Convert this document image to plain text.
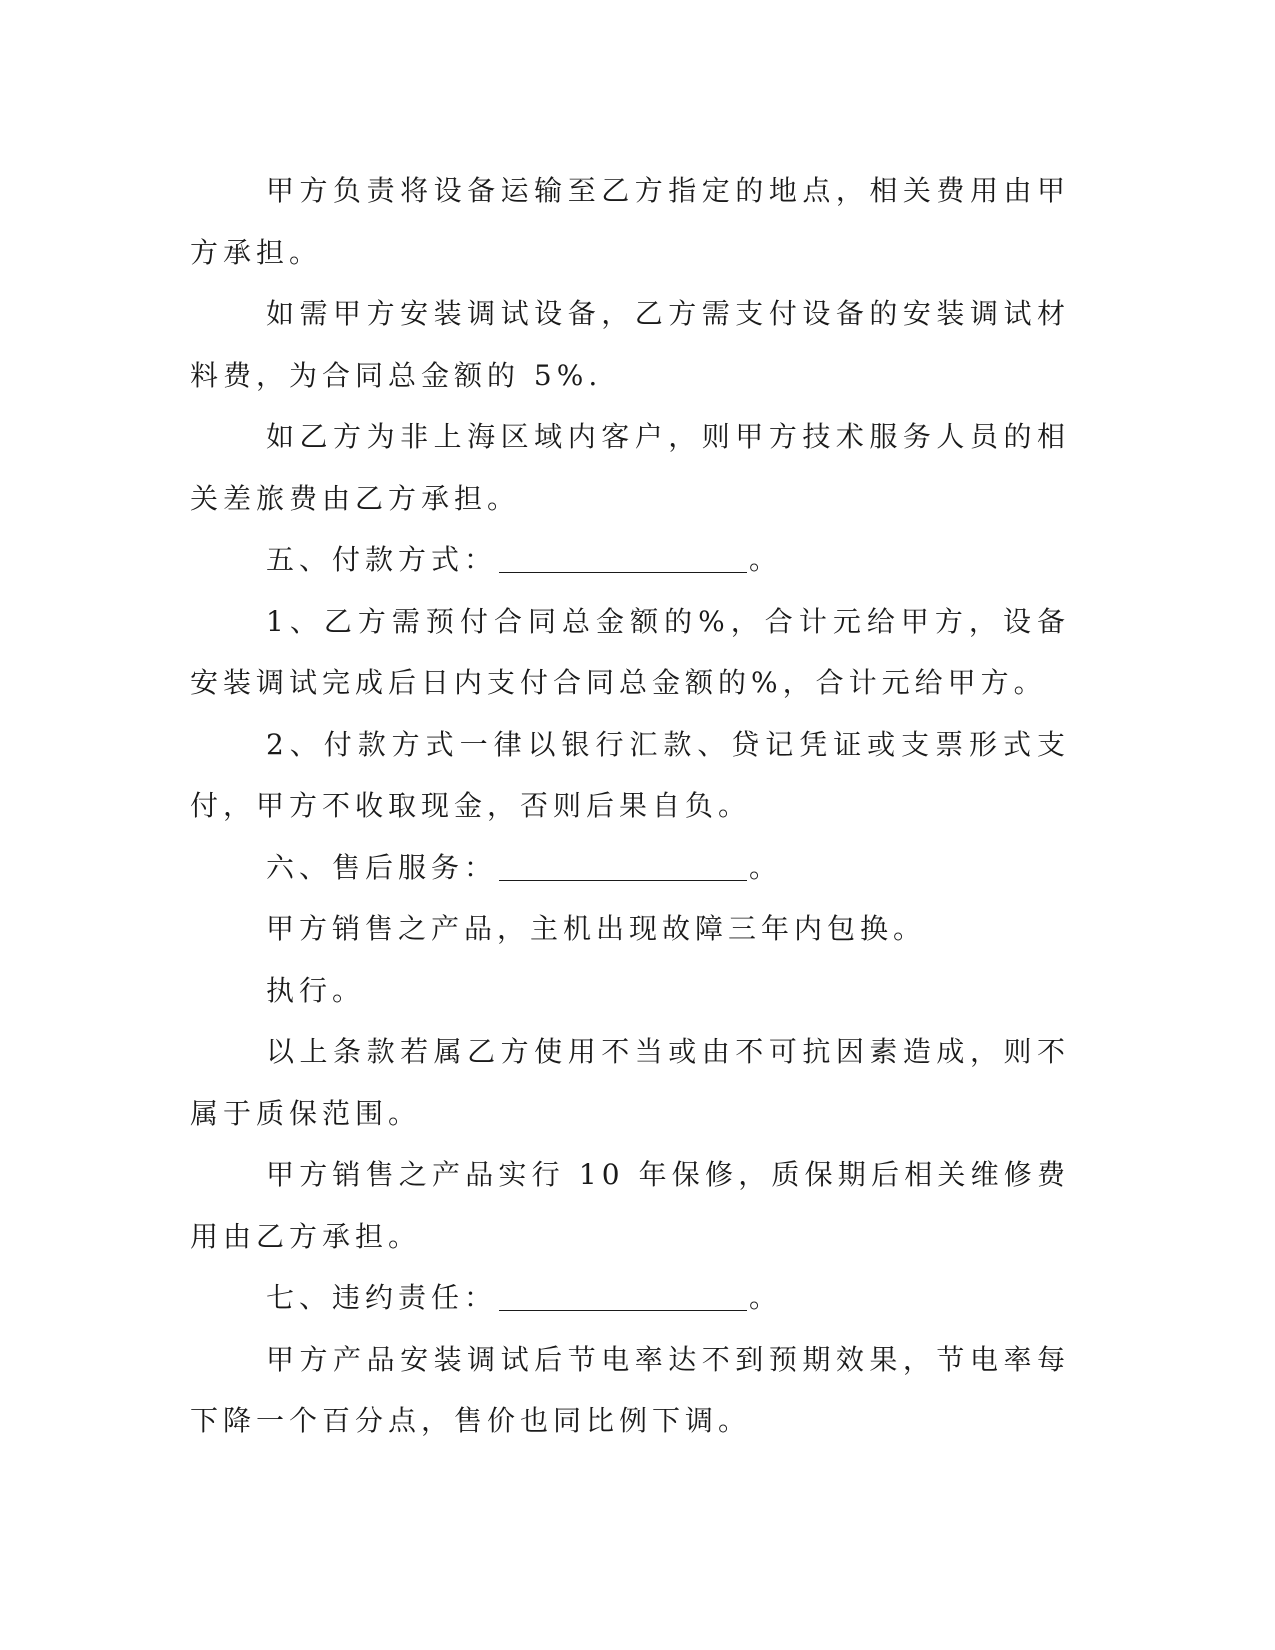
甲方负责将设备运输至乙方指定的地点，相关费用由甲方承担。

如需甲方安装调试设备，乙方需支付设备的安装调试材料费，为合同总金额的 5%.

如乙方为非上海区域内客户，则甲方技术服务人员的相关差旅费由乙方承担。

五、付款方式：	。

1、乙方需预付合同总金额的%，合计元给甲方，设备安装调试完成后日内支付合同总金额的%，合计元给甲方。

2、付款方式一律以银行汇款、贷记凭证或支票形式支付，甲方不收取现金，否则后果自负。

六、售后服务：	。

甲方销售之产品，主机出现故障三年内包换。

执行。

以上条款若属乙方使用不当或由不可抗因素造成，则不属于质保范围。

甲方销售之产品实行 10 年保修，质保期后相关维修费用由乙方承担。

七、违约责任：	。

甲方产品安装调试后节电率达不到预期效果，节电率每下降一个百分点，售价也同比例下调。
